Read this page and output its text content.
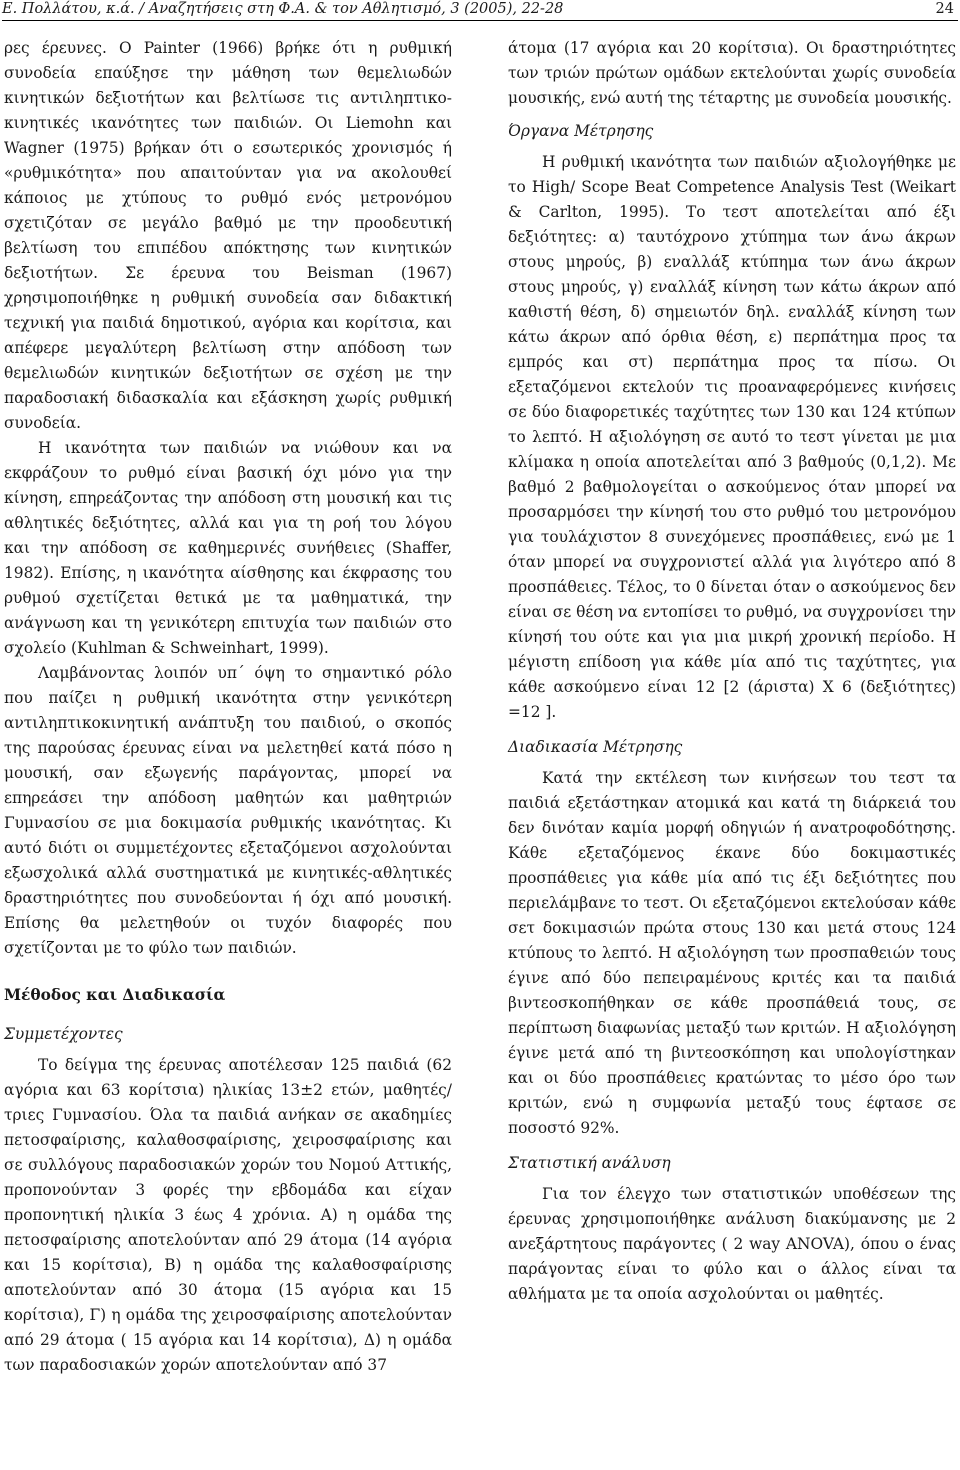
Ε. Πολλάτου, κ.ά. / Αναζητήσεις στη Φ.Α. & τον Αθλητισμό, 3 (2005), 22-28	24

ρες έρευνες. Ο Painter (1966) βρήκε ότι η ρυθμική συνοδεία επαύξησε την μάθηση των θεμελιωδών κινητικών δεξιοτήτων και βελτίωσε τις αντιληπτικο-κινητικές ικανότητες των παιδιών. Οι Liemohn και Wagner (1975) βρήκαν ότι ο εσωτερικός χρονισμός ή «ρυθμικότητα» που απαιτούνταν για να ακολουθεί κάποιος με χτύπους το ρυθμό ενός μετρονόμου σχετιζόταν σε μεγάλο βαθμό με την προοδευτική βελτίωση του επιπέδου απόκτησης των κινητικών δεξιοτήτων. Σε έρευνα του Beisman (1967) χρησιμοποιήθηκε η ρυθμική συνοδεία σαν διδακτική τεχνική για παιδιά δημοτικού, αγόρια και κορίτσια, και απέφερε μεγαλύτερη βελτίωση στην απόδοση των θεμελιωδών κινητικών δεξιοτήτων σε σχέση με την παραδοσιακή διδασκαλία και εξάσκηση χωρίς ρυθμική συνοδεία.

Η ικανότητα των παιδιών να νιώθουν και να εκφράζουν το ρυθμό είναι βασική όχι μόνο για την κίνηση, επηρεάζοντας την απόδοση στη μουσική και τις αθλητικές δεξιότητες, αλλά και για τη ροή του λόγου και την απόδοση σε καθημερινές συνήθειες (Shaffer, 1982). Επίσης, η ικανότητα αίσθησης και έκφρασης του ρυθμού σχετίζεται θετικά με τα μαθηματικά, την ανάγνωση και τη γενικότερη επιτυχία των παιδιών στο σχολείο (Kuhlman & Schweinhart, 1999).

Λαμβάνοντας λοιπόν υπ΄ όψη το σημαντικό ρόλο που παίζει η ρυθμική ικανότητα στην γενικότερη αντιληπτικοκινητική ανάπτυξη του παιδιού, ο σκοπός της παρούσας έρευνας είναι να μελετηθεί κατά πόσο η μουσική, σαν εξωγενής παράγοντας, μπορεί να επηρεάσει την απόδοση μαθητών και μαθητριών Γυμνασίου σε μια δοκιμασία ρυθμικής ικανότητας. Κι αυτό διότι οι συμμετέχοντες εξεταζόμενοι ασχολούνται εξωσχολικά αλλά συστηματικά με κινητικές-αθλητικές δραστηριότητες που συνοδεύονται ή όχι από μουσική. Επίσης θα μελετηθούν οι τυχόν διαφορές που σχετίζονται με το φύλο των παιδιών.

Μέθοδος και Διαδικασία
Συμμετέχοντες

Το δείγμα της έρευνας αποτέλεσαν 125 παιδιά (62 αγόρια και 63 κορίτσια) ηλικίας 13±2 ετών, μαθητές/τριες Γυμνασίου. Όλα τα παιδιά ανήκαν σε ακαδημίες πετοσφαίρισης, καλαθοσφαίρισης, χειροσφαίρισης και σε συλλόγους παραδοσιακών χορών του Νομού Αττικής, προπονούνταν 3 φορές την εβδομάδα και είχαν προπονητική ηλικία 3 έως 4 χρόνια. Α) η ομάδα της πετοσφαίρισης αποτελούνταν από 29 άτομα (14 αγόρια και 15 κορίτσια), Β) η ομάδα της καλαθοσφαίρισης αποτελούνταν από 30 άτομα (15 αγόρια και 15 κορίτσια), Γ) η ομάδα της χειροσφαίρισης αποτελούνταν από 29 άτομα ( 15 αγόρια και 14 κορίτσια), Δ) η ομάδα των παραδοσιακών χορών αποτελούνταν από 37

άτομα (17 αγόρια και 20 κορίτσια). Οι δραστηριότητες των τριών πρώτων ομάδων εκτελούνται χωρίς συνοδεία μουσικής, ενώ αυτή της τέταρτης με συνοδεία μουσικής.

Όργανα Μέτρησης

Η ρυθμική ικανότητα των παιδιών αξιολογήθηκε με το High/ Scope Beat Competence Analysis Test (Weikart & Carlton, 1995). Το τεστ αποτελείται από έξι δεξιότητες: α) ταυτόχρονο χτύπημα των άνω άκρων στους μηρούς, β) εναλλάξ κτύπημα των άνω άκρων στους μηρούς, γ) εναλλάξ κίνηση των κάτω άκρων από καθιστή θέση, δ) σημειωτόν δηλ. εναλλάξ κίνηση των κάτω άκρων από όρθια θέση, ε) περπάτημα προς τα εμπρός και στ) περπάτημα προς τα πίσω. Οι εξεταζόμενοι εκτελούν τις προαναφερόμενες κινήσεις σε δύο διαφορετικές ταχύτητες των 130 και 124 κτύπων το λεπτό. Η αξιολόγηση σε αυτό το τεστ γίνεται με μια κλίμακα η οποία αποτελείται από 3 βαθμούς (0,1,2). Με βαθμό 2 βαθμολογείται ο ασκούμενος όταν μπορεί να προσαρμόσει την κίνησή του στο ρυθμό του μετρονόμου για τουλάχιστον 8 συνεχόμενες προσπάθειες, ενώ με 1 όταν μπορεί να συγχρονιστεί αλλά για λιγότερο από 8 προσπάθειες. Τέλος, το 0 δίνεται όταν ο ασκούμενος δεν είναι σε θέση να εντοπίσει το ρυθμό, να συγχρονίσει την κίνησή του ούτε και για μια μικρή χρονική περίοδο. Η μέγιστη επίδοση για κάθε μία από τις ταχύτητες, για κάθε ασκούμενο είναι 12 [2 (άριστα) Χ 6 (δεξιότητες) =12 ].

Διαδικασία Μέτρησης

Κατά την εκτέλεση των κινήσεων του τεστ τα παιδιά εξετάστηκαν ατομικά και κατά τη διάρκειά του δεν δινόταν καμία μορφή οδηγιών ή ανατροφοδότησης. Κάθε εξεταζόμενος έκανε δύο δοκιμαστικές προσπάθειες για κάθε μία από τις έξι δεξιότητες που περιελάμβανε το τεστ. Οι εξεταζόμενοι εκτελούσαν κάθε σετ δοκιμασιών πρώτα στους 130 και μετά στους 124 κτύπους το λεπτό. Η αξιολόγηση των προσπαθειών τους έγινε από δύο πεπειραμένους κριτές και τα παιδιά βιντεοσκοπήθηκαν σε κάθε προσπάθειά τους, σε περίπτωση διαφωνίας μεταξύ των κριτών. Η αξιολόγηση έγινε μετά από τη βιντεοσκόπηση και υπολογίστηκαν και οι δύο προσπάθειες κρατώντας το μέσο όρο των κριτών, ενώ η συμφωνία μεταξύ τους έφτασε σε ποσοστό 92%.

Στατιστική ανάλυση

Για τον έλεγχο των στατιστικών υποθέσεων της έρευνας χρησιμοποιήθηκε ανάλυση διακύμανσης με 2 ανεξάρτητους παράγοντες ( 2 way ANOVA), όπου ο ένας παράγοντας είναι το φύλο και ο άλλος είναι τα αθλήματα με τα οποία ασχολούνται οι μαθητές.
